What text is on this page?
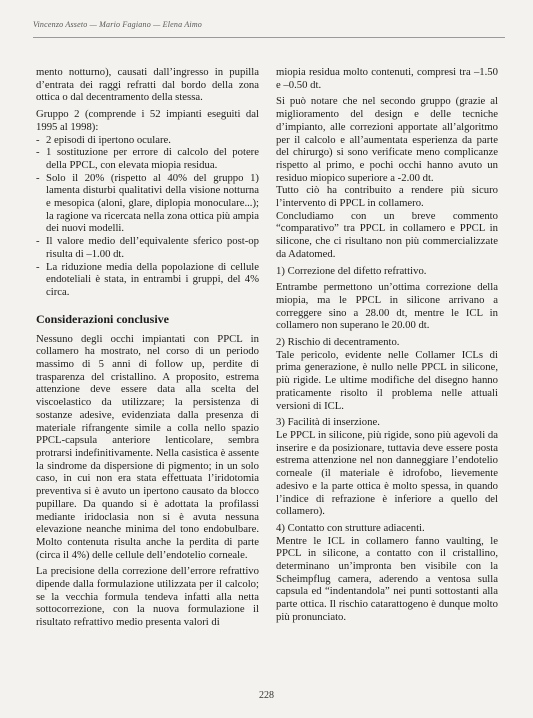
Vincenzo Asseto — Mario Fagiano — Elena Aimo

mento notturno), causati dall’ingresso in pupilla d’entrata dei raggi refratti dal bordo della zona ottica o dal decentramento della stessa.

Gruppo 2 (comprende i 52 impianti eseguiti dal 1995 al 1998):

- 2 episodi di ipertono oculare.
- 1 sostituzione per errore di calcolo del potere della PPCL, con elevata miopia residua.
- Solo il 20% (rispetto al 40% del gruppo 1) lamenta disturbi qualitativi della visione notturna e mesopica (aloni, glare, diplopia monoculare...); la ragione va ricercata nella zona ottica più ampia dei nuovi modelli.
- Il valore medio dell’equivalente sferico post-op risulta di –1.00 dt.
- La riduzione media della popolazione di cellule endoteliali è stata, in entrambi i gruppi, del 4% circa.
Considerazioni conclusive

Nessuno degli occhi impiantati con PPCL in collamero ha mostrato, nel corso di un periodo massimo di 5 anni di follow up, perdite di trasparenza del cristallino. A proposito, estrema attenzione deve essere data alla scelta del viscoelastico da utilizzare; la persistenza di sostanze adesive, evidenziata dalla presenza di materiale rifrangente simile a colla nello spazio PPCL-capsula anteriore lenticolare, sembra protrarsi indefinitivamente. Nella casistica è assente la sindrome da dispersione di pigmento; in un solo caso, in cui non era stata effettuata l’iridotomia preventiva si è avuto un ipertono causato da blocco pupillare. Da quando si è adottata la profilassi mediante iridoclasia non si è avuta nessuna elevazione neanche minima del tono endobulbare. Molto contenuta risulta anche la perdita di parte (circa il 4%) delle cellule dell’endotelio corneale.

La precisione della correzione dell’errore refrattivo dipende dalla formulazione utilizzata per il calcolo; se la vecchia formula tendeva infatti alla netta sottocorrezione, con la nuova formulazione il risultato refrattivo medio presenta valori di

miopia residua molto contenuti, compresi tra –1.50 e –0.50 dt.

Si può notare che nel secondo gruppo (grazie al miglioramento del design e delle tecniche d’impianto, alle correzioni apportate all’algoritmo per il calcolo e all’aumentata esperienza da parte del chirurgo) si sono verificate meno complicanze rispetto al primo, e pochi occhi hanno avuto un residuo miopico superiore a -2.00 dt.

Tutto ciò ha contribuito a rendere più sicuro l’intervento di PPCL in collamero.

Concludiamo con un breve commento “comparativo” tra PPCL in collamero e PPCL in silicone, che ci risultano non più commercializzate da Adatomed.

1) Correzione del difetto refrattivo.

Entrambe permettono un’ottima correzione della miopia, ma le PPCL in silicone arrivano a correggere sino a 28.00 dt, mentre le ICL in collamero non superano le 20.00 dt.

2) Rischio di decentramento.

Tale pericolo, evidente nelle Collamer ICLs di prima generazione, è nullo nelle PPCL in silicone, più rigide. Le ultime modifiche del disegno hanno praticamente risolto il problema nelle attuali versioni di ICL.

3) Facilità di inserzione.

Le PPCL in silicone, più rigide, sono più agevoli da inserire e da posizionare, tuttavia deve essere posta estrema attenzione nel non danneggiare l’endotelio corneale (il materiale è idrofobo, lievemente adesivo e la parte ottica è molto spessa, in quando l’indice di refrazione è inferiore a quello del collamero).

4) Contatto con strutture adiacenti.

Mentre le ICL in collamero fanno vaulting, le PPCL in silicone, a contatto con il cristallino, determinano un’impronta ben visibile con la Scheimpflug camera, aderendo a ventosa sulla capsula ed “indentandola” nei punti sottostanti alla parte ottica. Il rischio catarattogeno è dunque molto più pronunciato.

228
